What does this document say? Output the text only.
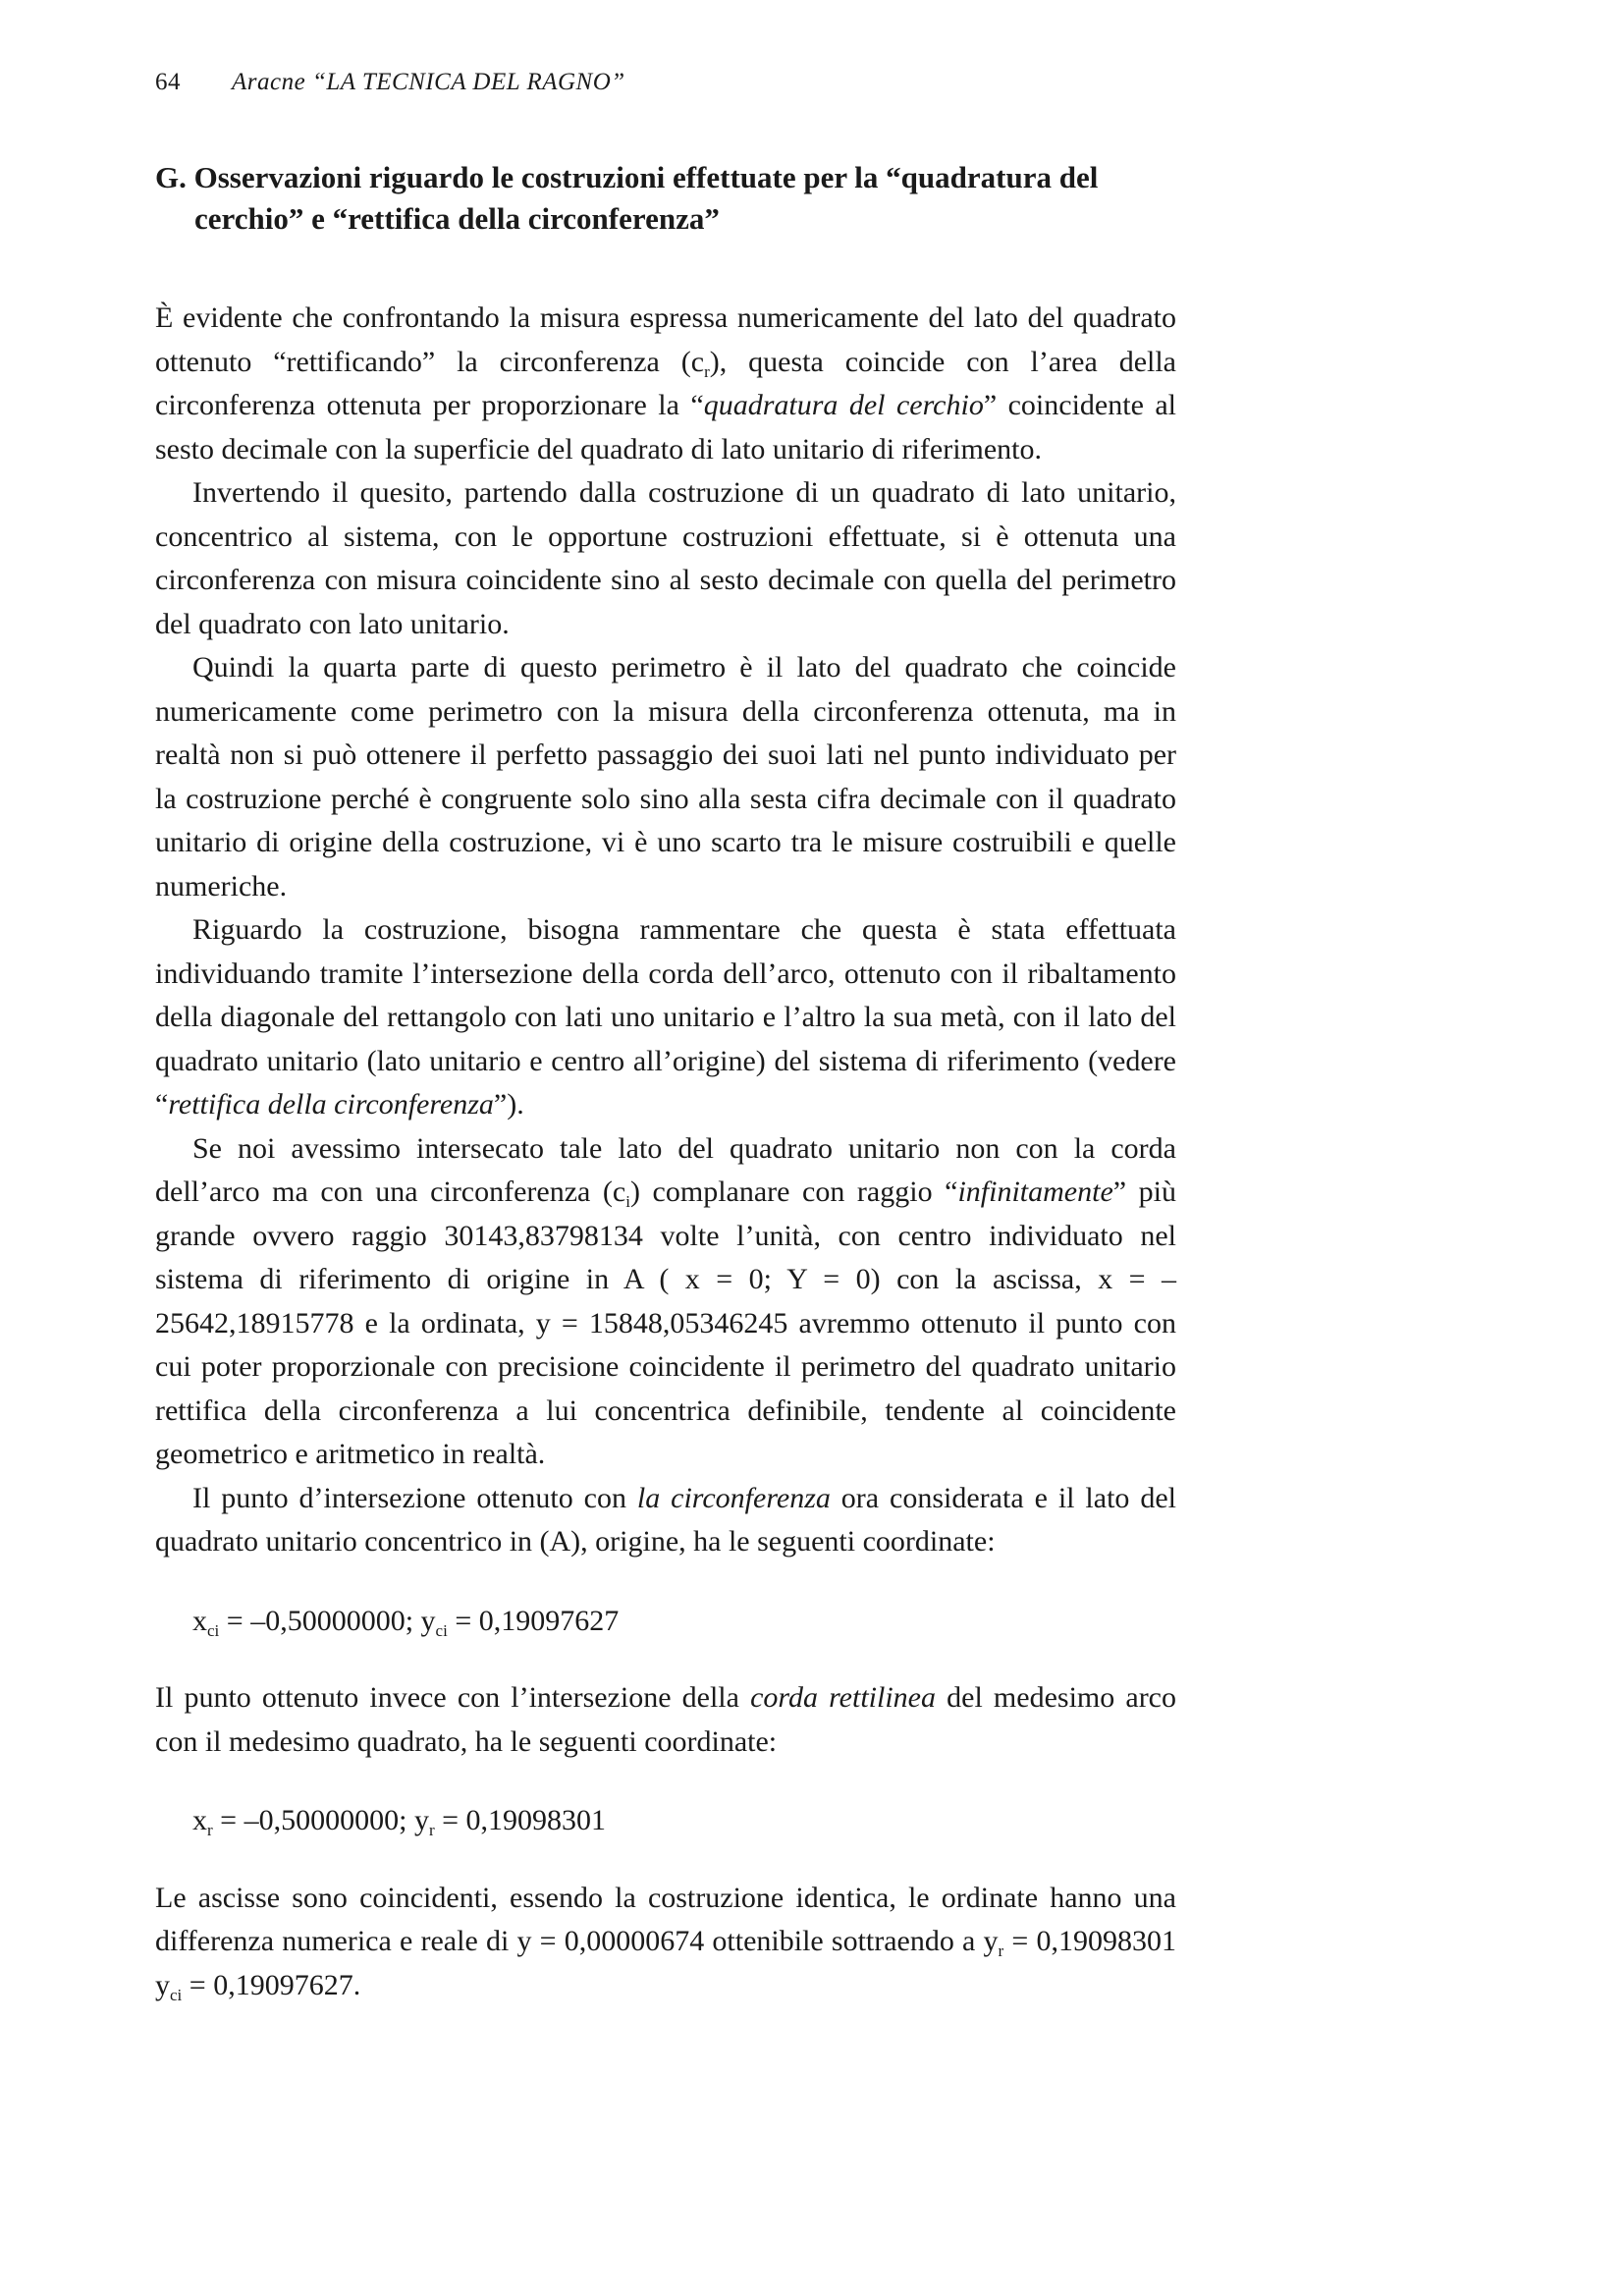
64	Aracne “LA TECNICA DEL RAGNO”
G. Osservazioni riguardo le costruzioni effettuate per la “quadratura del cerchio” e “rettifica della circonferenza”

È evidente che confrontando la misura espressa numericamente del lato del quadrato ottenuto “rettificando” la circonferenza $(c_r)$, questa coincide con l’area della circonferenza ottenuta per proporzionare la “quadratura del cerchio” coincidente al sesto decimale con la superficie del quadrato di lato unitario di riferimento.

Invertendo il quesito, partendo dalla costruzione di un quadrato di lato unitario, concentrico al sistema, con le opportune costruzioni effettuate, si è ottenuta una circonferenza con misura coincidente sino al sesto decimale con quella del perimetro del quadrato con lato unitario.

Quindi la quarta parte di questo perimetro è il lato del quadrato che coincide numericamente come perimetro con la misura della circonferenza ottenuta, ma in realtà non si può ottenere il perfetto passaggio dei suoi lati nel punto individuato per la costruzione perché è congruente solo sino alla sesta cifra decimale con il quadrato unitario di origine della costruzione, vi è uno scarto tra le misure costruibili e quelle numeriche.

Riguardo la costruzione, bisogna rammentare che questa è stata effettuata individuando tramite l’intersezione della corda dell’arco, ottenuto con il ribaltamento della diagonale del rettangolo con lati uno unitario e l’altro la sua metà, con il lato del quadrato unitario (lato unitario e centro all’origine) del sistema di riferimento (vedere “rettifica della circonferenza”).

Se noi avessimo intersecato tale lato del quadrato unitario non con la corda dell’arco ma con una circonferenza $(c_i)$ complanare con raggio “infinitamente” più grande ovvero raggio 30143,83798134 volte l’unità, con centro individuato nel sistema di riferimento di origine in A ( x = 0; Y = 0) con la ascissa, x = –25642,18915778 e la ordinata, y = 15848,05346245 avremmo ottenuto il punto con cui poter proporzionale con precisione coincidente il perimetro del quadrato unitario rettifica della circonferenza a lui concentrica definibile, tendente al coincidente geometrico e aritmetico in realtà.

Il punto d’intersezione ottenuto con la circonferenza ora considerata e il lato del quadrato unitario concentrico in (A), origine, ha le seguenti coordinate:

$x_{ci} = -0,50000000$; $y_{ci} = 0,19097627$

Il punto ottenuto invece con l’intersezione della corda rettilinea del medesimo arco con il medesimo quadrato, ha le seguenti coordinate:

$x_r = -0,50000000$; $y_r = 0,19098301$

Le ascisse sono coincidenti, essendo la costruzione identica, le ordinate hanno una differenza numerica e reale di y = 0,00000674 ottenibile sottraendo a $y_r = 0,19098301$ $y_{ci} = 0,19097627$.
